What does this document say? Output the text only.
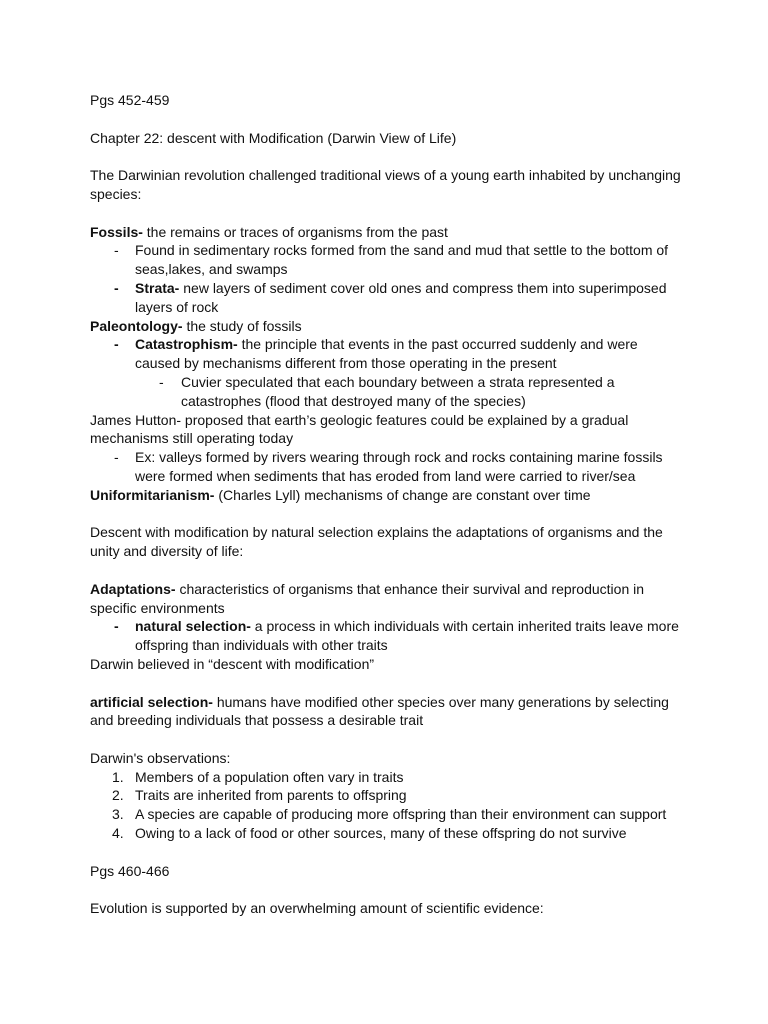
Pgs 452-459
Chapter 22: descent with Modification (Darwin View of Life)
The Darwinian revolution challenged traditional views of a young earth inhabited by unchanging
species:
Fossils- the remains or traces of organisms from the past
- Found in sedimentary rocks formed from the sand and mud that settle to the bottom of
seas,lakes, and swamps
- Strata- new layers of sediment cover old ones and compress them into superimposed
layers of rock
Paleontology- the study of fossils
- Catastrophism- the principle that events in the past occurred suddenly and were
caused by mechanisms different from those operating in the present
- Cuvier speculated that each boundary between a strata represented a
catastrophes (flood that destroyed many of the species)
James Hutton- proposed that earth’s geologic features could be explained by a gradual
mechanisms still operating today
- Ex: valleys formed by rivers wearing through rock and rocks containing marine fossils
were formed when sediments that has eroded from land were carried to river/sea
Uniformitarianism- (Charles Lyll) mechanisms of change are constant over time
Descent with modification by natural selection explains the adaptations of organisms and the
unity and diversity of life:
Adaptations- characteristics of organisms that enhance their survival and reproduction in
specific environments
- natural selection- a process in which individuals with certain inherited traits leave more
offspring than individuals with other traits
Darwin believed in “descent with modification”
artificial selection- humans have modified other species over many generations by selecting
and breeding individuals that possess a desirable trait
Darwin's observations:
1. Members of a population often vary in traits
2. Traits are inherited from parents to offspring
3. A species are capable of producing more offspring than their environment can support
4. Owing to a lack of food or other sources, many of these offspring do not survive
Pgs 460-466
Evolution is supported by an overwhelming amount of scientific evidence:
